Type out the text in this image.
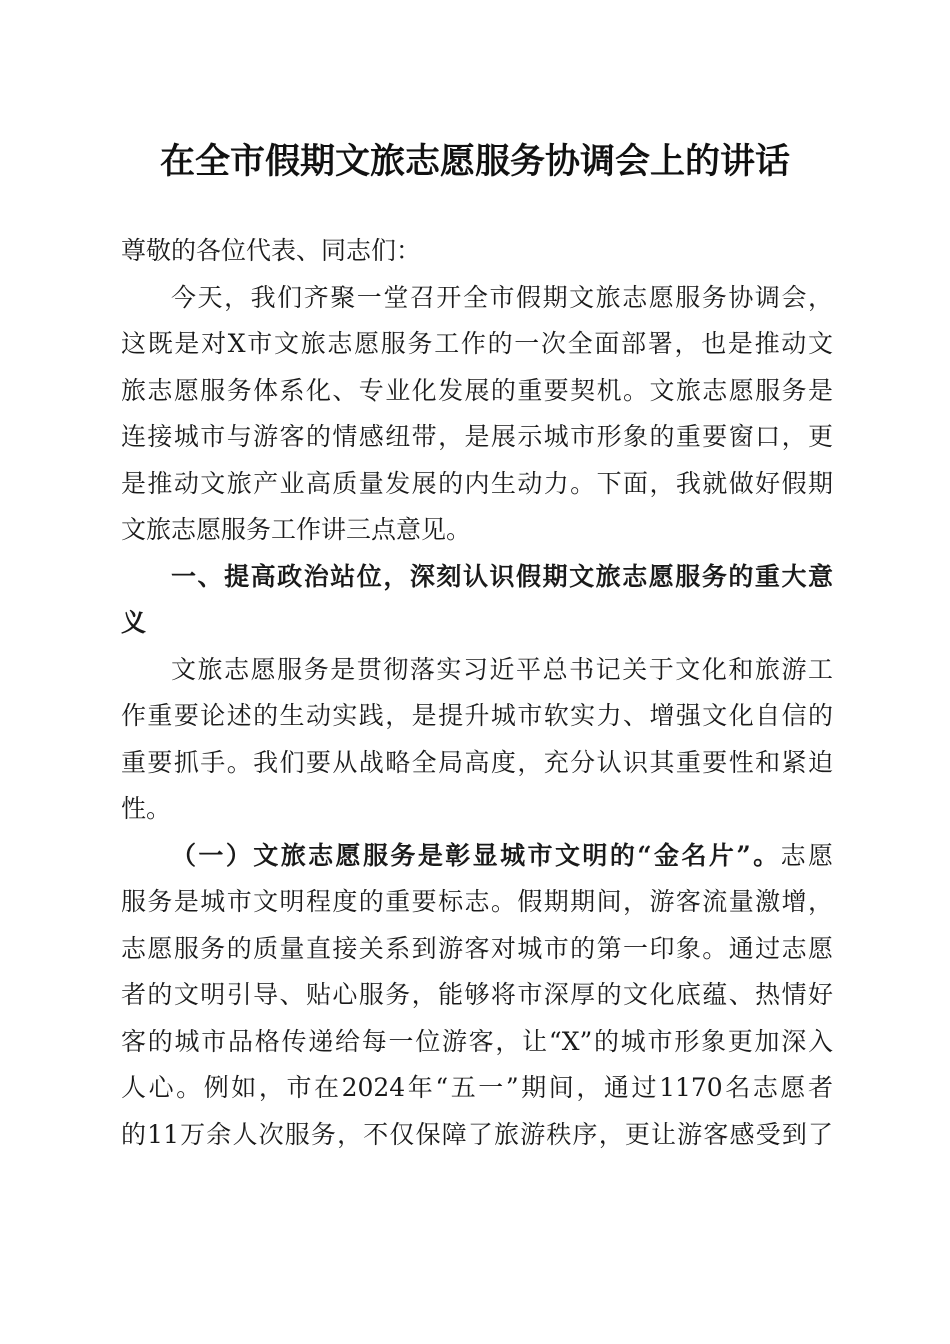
在全市假期文旅志愿服务协调会上的讲话
尊敬的各位代表、同志们：
今天，我们齐聚一堂召开全市假期文旅志愿服务协调会，
这既是对X市文旅志愿服务工作的一次全面部署，也是推动文
旅志愿服务体系化、专业化发展的重要契机。文旅志愿服务是
连接城市与游客的情感纽带，是展示城市形象的重要窗口，更
是推动文旅产业高质量发展的内生动力。下面，我就做好假期
文旅志愿服务工作讲三点意见。
一、提高政治站位，深刻认识假期文旅志愿服务的重大意
义
文旅志愿服务是贯彻落实习近平总书记关于文化和旅游工
作重要论述的生动实践，是提升城市软实力、增强文化自信的
重要抓手。我们要从战略全局高度，充分认识其重要性和紧迫
性。
（一）文旅志愿服务是彰显城市文明的“金名片”。志愿
服务是城市文明程度的重要标志。假期期间，游客流量激增，
志愿服务的质量直接关系到游客对城市的第一印象。通过志愿
者的文明引导、贴心服务，能够将市深厚的文化底蕴、热情好
客的城市品格传递给每一位游客，让“X”的城市形象更加深入
人心。例如，市在2024年“五一”期间，通过1170名志愿者
的11万余人次服务，不仅保障了旅游秩序，更让游客感受到了
